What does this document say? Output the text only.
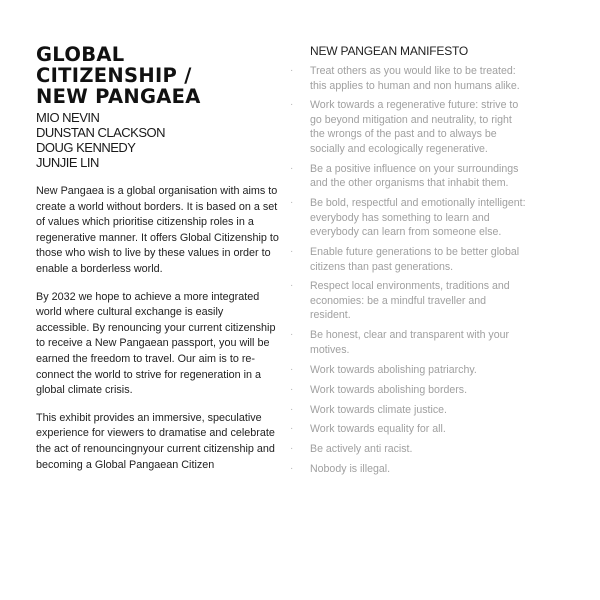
GLOBAL
CITIZENSHIP /
NEW PANGAEA
MIO NEVIN
DUNSTAN CLACKSON
DOUG KENNEDY
JUNJIE LIN

New Pangaea is a global organisation with aims to create a world without borders. It is based on a set of values which prioritise citizenship roles in a regenerative manner. It offers Global Citizenship to those who wish to live by these values in order to enable a borderless world.

By 2032 we hope to achieve a more integrated world where cultural exchange is easily accessible. By renouncing your current citizenship to receive a New Pangaean passport, you will be earned the freedom to travel. Our aim is to re-connect the world to strive for regeneration in a global climate crisis.

This exhibit provides an immersive, speculative experience for viewers to dramatise and celebrate the act of renouncingnyour current citizenship and becoming a Global Pangaean Citizen

NEW PANGEAN MANIFESTO
· Treat others as you would like to be treated: this applies to human and non humans alike.
· Work towards a regenerative future: strive to go beyond mitigation and neutrality, to right the wrongs of the past and to always be socially and ecologically regenerative.
· Be a positive influence on your surroundings and the other organisms that inhabit them.
· Be bold, respectful and emotionally intelligent: everybody has something to learn and everybody can learn from someone else.
· Enable future generations to be better global citizens than past generations.
· Respect local environments, traditions and economies: be a mindful traveller and resident.
· Be honest, clear and transparent with your motives.
· Work towards abolishing patriarchy.
· Work towards abolishing borders.
· Work towards climate justice.
· Work towards equality for all.
· Be actively anti racist.
· Nobody is illegal.
